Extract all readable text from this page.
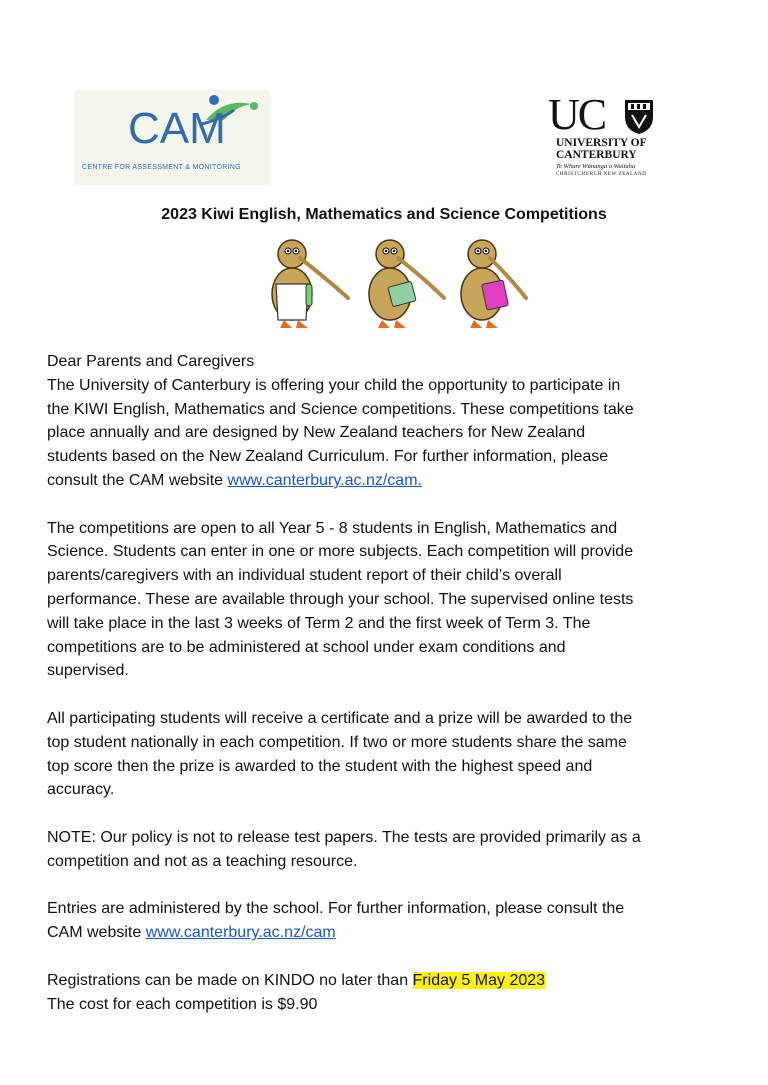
CAM
CENTRE FOR ASSESSMENT & MONITORING
UC
UNIVERSITY OF
CANTERBURY
Te Whare Wānanga o Waitaha
CHRISTCHURCH NEW ZEALAND
2023 Kiwi English, Mathematics and Science Competitions

Dear Parents and Caregivers

The University of Canterbury is offering your child the opportunity to participate in

the KIWI English, Mathematics and Science competitions. These competitions take

place annually and are designed by New Zealand teachers for New Zealand

students based on the New Zealand Curriculum. For further information, please

consult the CAM website www.canterbury.ac.nz/cam.

The competitions are open to all Year 5 - 8 students in English, Mathematics and

Science. Students can enter in one or more subjects. Each competition will provide

parents/caregivers with an individual student report of their child’s overall

performance. These are available through your school. The supervised online tests

will take place in the last 3 weeks of Term 2 and the first week of Term 3. The

competitions are to be administered at school under exam conditions and

supervised.

All participating students will receive a certificate and a prize will be awarded to the

top student nationally in each competition. If two or more students share the same

top score then the prize is awarded to the student with the highest speed and

accuracy.

NOTE: Our policy is not to release test papers. The tests are provided primarily as a

competition and not as a teaching resource.

Entries are administered by the school. For further information, please consult the

CAM website www.canterbury.ac.nz/cam

Registrations can be made on KINDO no later than Friday 5 May 2023

The cost for each competition is $9.90
